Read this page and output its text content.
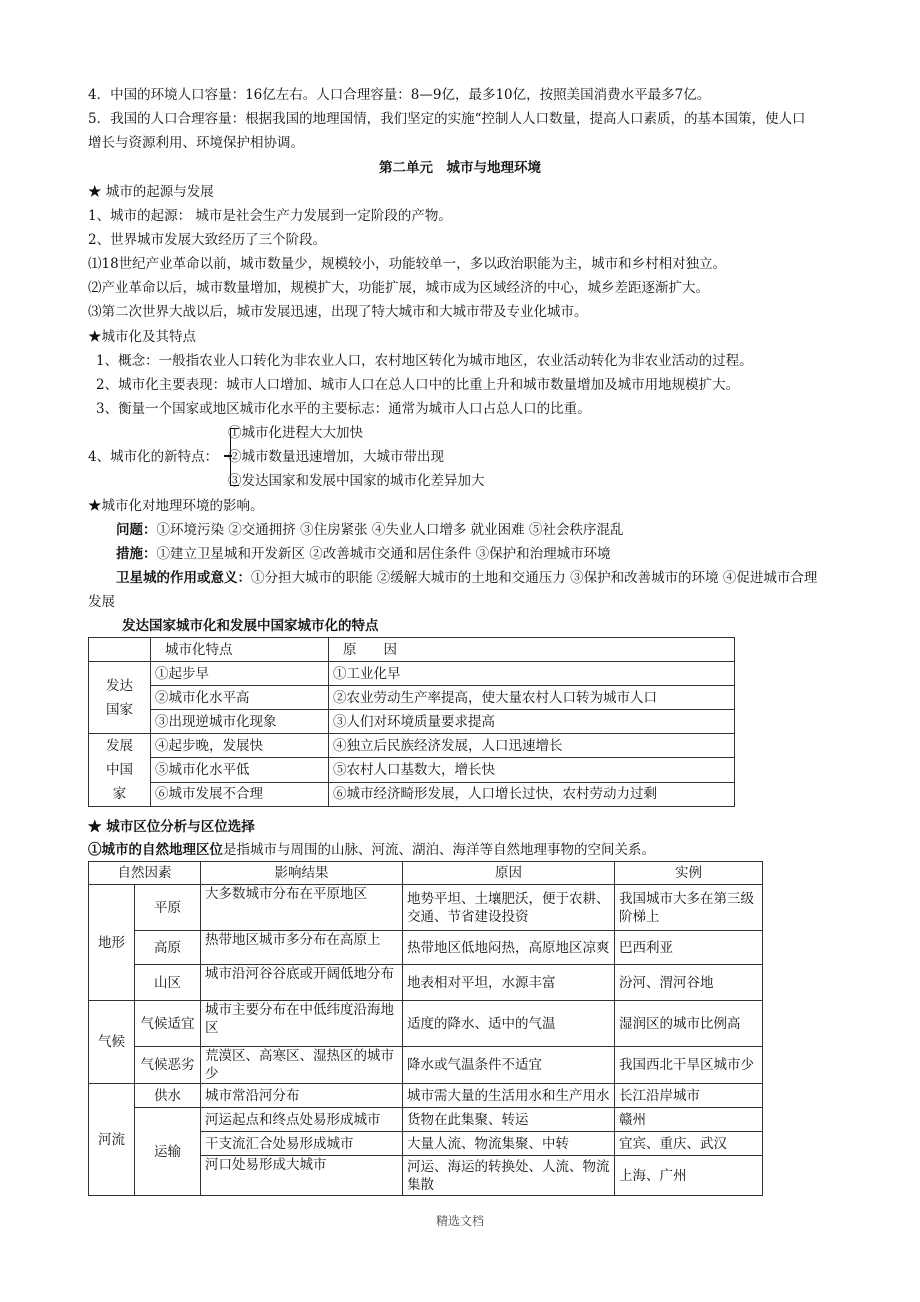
4．中国的环境人口容量：16亿左右。人口合理容量：8—9亿，最多10亿，按照美国消费水平最多7亿。
5．我国的人口合理容量：根据我国的地理国情，我们坚定的实施“控制人人口数量，提高人口素质，的基本国策，使人口
增长与资源利用、环境保护相协调。
第二单元　城市与地理环境
★ 城市的起源与发展
1、城市的起源： 城市是社会生产力发展到一定阶段的产物。
2、世界城市发展大致经历了三个阶段。
⑴18世纪产业革命以前，城市数量少，规模较小，功能较单一，多以政治职能为主，城市和乡村相对独立。
⑵产业革命以后，城市数量增加，规模扩大，功能扩展，城市成为区域经济的中心，城乡差距逐渐扩大。
⑶第二次世界大战以后，城市发展迅速，出现了特大城市和大城市带及专业化城市。
★城市化及其特点
1、概念：一般指农业人口转化为非农业人口，农村地区转化为城市地区，农业活动转化为非农业活动的过程。
2、城市化主要表现：城市人口增加、城市人口在总人口中的比重上升和城市数量增加及城市用地规模扩大。
3、衡量一个国家或地区城市化水平的主要标志：通常为城市人口占总人口的比重。
4、城市化的新特点：
①城市化进程大大加快
②城市数量迅速增加，大城市带出现
③发达国家和发展中国家的城市化差异加大
★城市化对地理环境的影响。
问题：①环境污染 ②交通拥挤 ③住房紧张 ④失业人口增多 就业困难 ⑤社会秩序混乱
措施：①建立卫星城和开发新区 ②改善城市交通和居住条件 ③保护和治理城市环境
卫星城的作用或意义：①分担大城市的职能 ②缓解大城市的土地和交通压力 ③保护和改善城市的环境 ④促进城市合理
发展
发达国家城市化和发展中国家城市化的特点
	城市化特点	原　　因

发达
国家	①起步早	①工业化早
	②城市化水平高	②农业劳动生产率提高，使大量农村人口转为城市人口
	③出现逆城市化现象	③人们对环境质量要求提高

发展
中国
家	④起步晚，发展快	④独立后民族经济发展，人口迅速增长
	⑤城市化水平低	⑤农村人口基数大，增长快
	⑥城市发展不合理	⑥城市经济畸形发展，人口增长过快，农村劳动力过剩
★ 城市区位分析与区位选择
①城市的自然地理区位是指城市与周围的山脉、河流、湖泊、海洋等自然地理事物的空间关系。
自然因素		影响结果	原因	实例
地形	平原	大多数城市分布在平原地区	地势平坦、土壤肥沃，便于农耕、交通、节省建设投资	我国城市大多在第三级阶梯上
	高原	热带地区城市多分布在高原上	热带地区低地闷热，高原地区凉爽	巴西利亚
	山区	城市沿河谷谷底或开阔低地分布	地表相对平坦，水源丰富	汾河、渭河谷地
气候	气候适宜	城市主要分布在中低纬度沿海地区	适度的降水、适中的气温	湿润区的城市比例高
	气候恶劣	荒漠区、高寒区、湿热区的城市少	降水或气温条件不适宜	我国西北干旱区城市少
河流	供水	城市常沿河分布	城市需大量的生活用水和生产用水	长江沿岸城市
	运输	河运起点和终点处易形成城市	货物在此集聚、转运	赣州
		干支流汇合处易形成城市	大量人流、物流集聚、中转	宜宾、重庆、武汉
		河口处易形成大城市	河运、海运的转换处、人流、物流集散	上海、广州
精选文档
